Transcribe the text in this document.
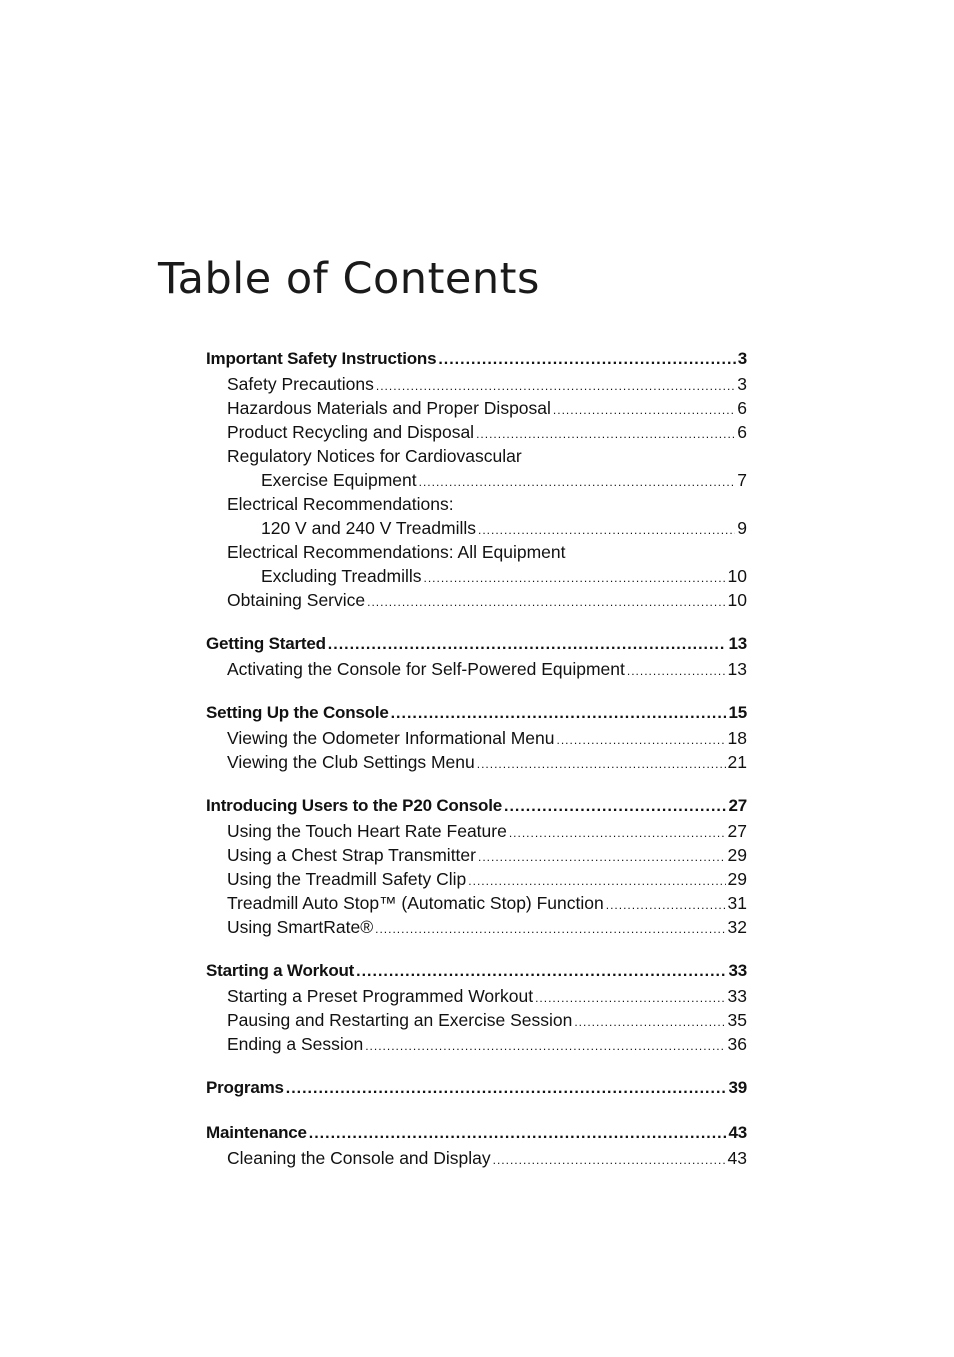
Table of Contents
Important Safety Instructions .....	3
Safety Precautions .....	3
Hazardous Materials and Proper Disposal .....	6
Product Recycling and Disposal .....	6
Regulatory Notices for Cardiovascular
Exercise Equipment .....	7
Electrical Recommendations:
120 V and 240 V Treadmills .....	9
Electrical Recommendations: All Equipment
Excluding Treadmills .....	10
Obtaining Service .....	10
Getting Started .....	13
Activating the Console for Self-Powered Equipment .....	13
Setting Up the Console .....	15
Viewing the Odometer Informational Menu .....	18
Viewing the Club Settings Menu .....	21
Introducing Users to the P20 Console .....	27
Using the Touch Heart Rate Feature .....	27
Using a Chest Strap Transmitter .....	29
Using the Treadmill Safety Clip .....	29
Treadmill Auto Stop™ (Automatic Stop) Function .....	31
Using SmartRate® .....	32
Starting a Workout .....	33
Starting a Preset Programmed Workout .....	33
Pausing and Restarting an Exercise Session .....	35
Ending a Session .....	36
Programs .....	39
Maintenance .....	43
Cleaning the Console and Display .....	43
